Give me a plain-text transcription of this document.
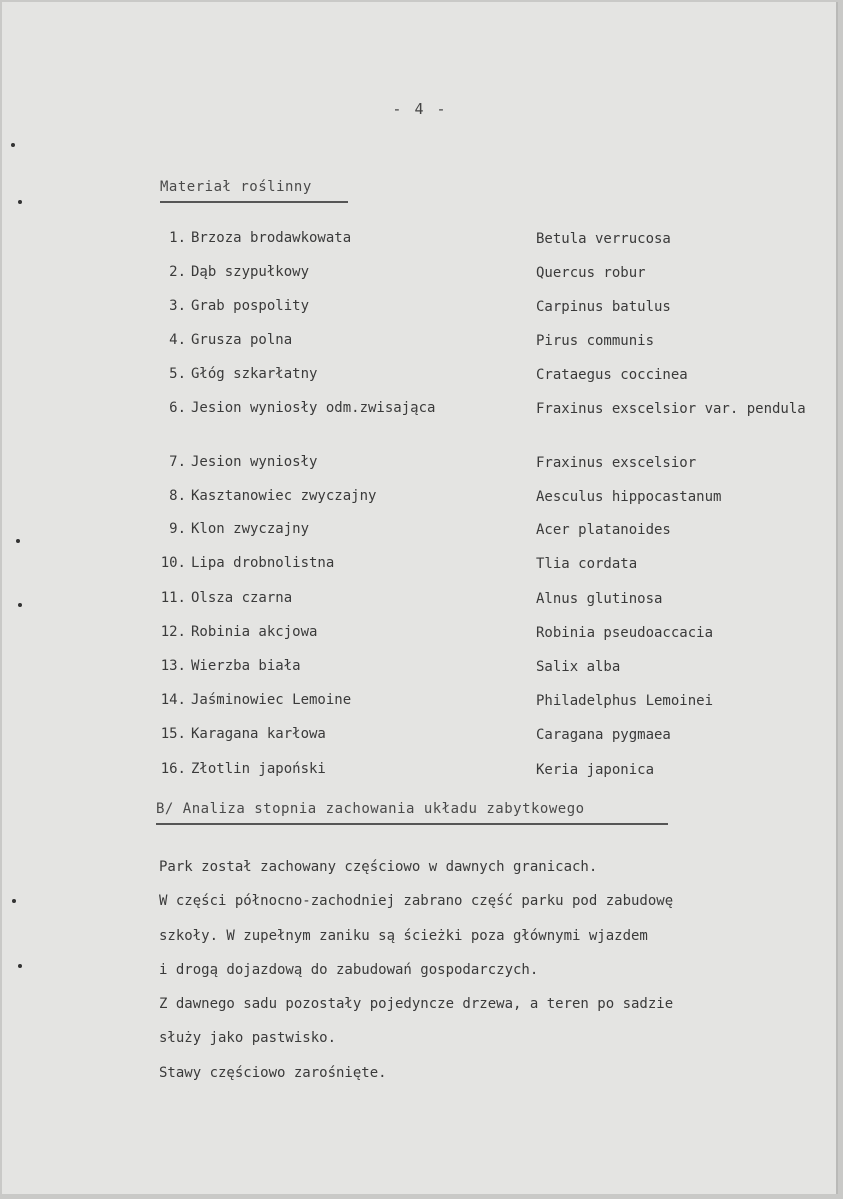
- 4 -
Materiał roślinny
1. Brzoza brodawkowata	Betula verrucosa
2. Dąb szypułkowy	Quercus robur
3. Grab pospolity	Carpinus batulus
4. Grusza polna	Pirus communis
5. Głóg szkarłatny	Crataegus coccinea
6. Jesion wyniosły odm.zwisająca	Fraxinus exscelsior var. pendula
7. Jesion wyniosły	Fraxinus exscelsior
8. Kasztanowiec zwyczajny	Aesculus hippocastanum
9. Klon zwyczajny	Acer platanoides
10. Lipa drobnolistna	Tlia cordata
11. Olsza czarna	Alnus glutinosa
12. Robinia akcjowa	Robinia pseudoaccacia
13. Wierzba biała	Salix alba
14. Jaśminowiec Lemoine	Philadelphus Lemoinei
15. Karagana karłowa	Caragana pygmaea
16. Złotlin japoński	Keria japonica
B/ Analiza stopnia zachowania układu zabytkowego
Park został zachowany częściowo w dawnych granicach.
W części północno-zachodniej zabrano część parku pod zabudowę
szkoły. W zupełnym zaniku są ścieżki poza głównymi wjazdem
i drogą dojazdową do zabudowań gospodarczych.
Z dawnego sadu pozostały pojedyncze drzewa, a teren po sadzie
służy jako pastwisko.
Stawy częściowo zarośnięte.
